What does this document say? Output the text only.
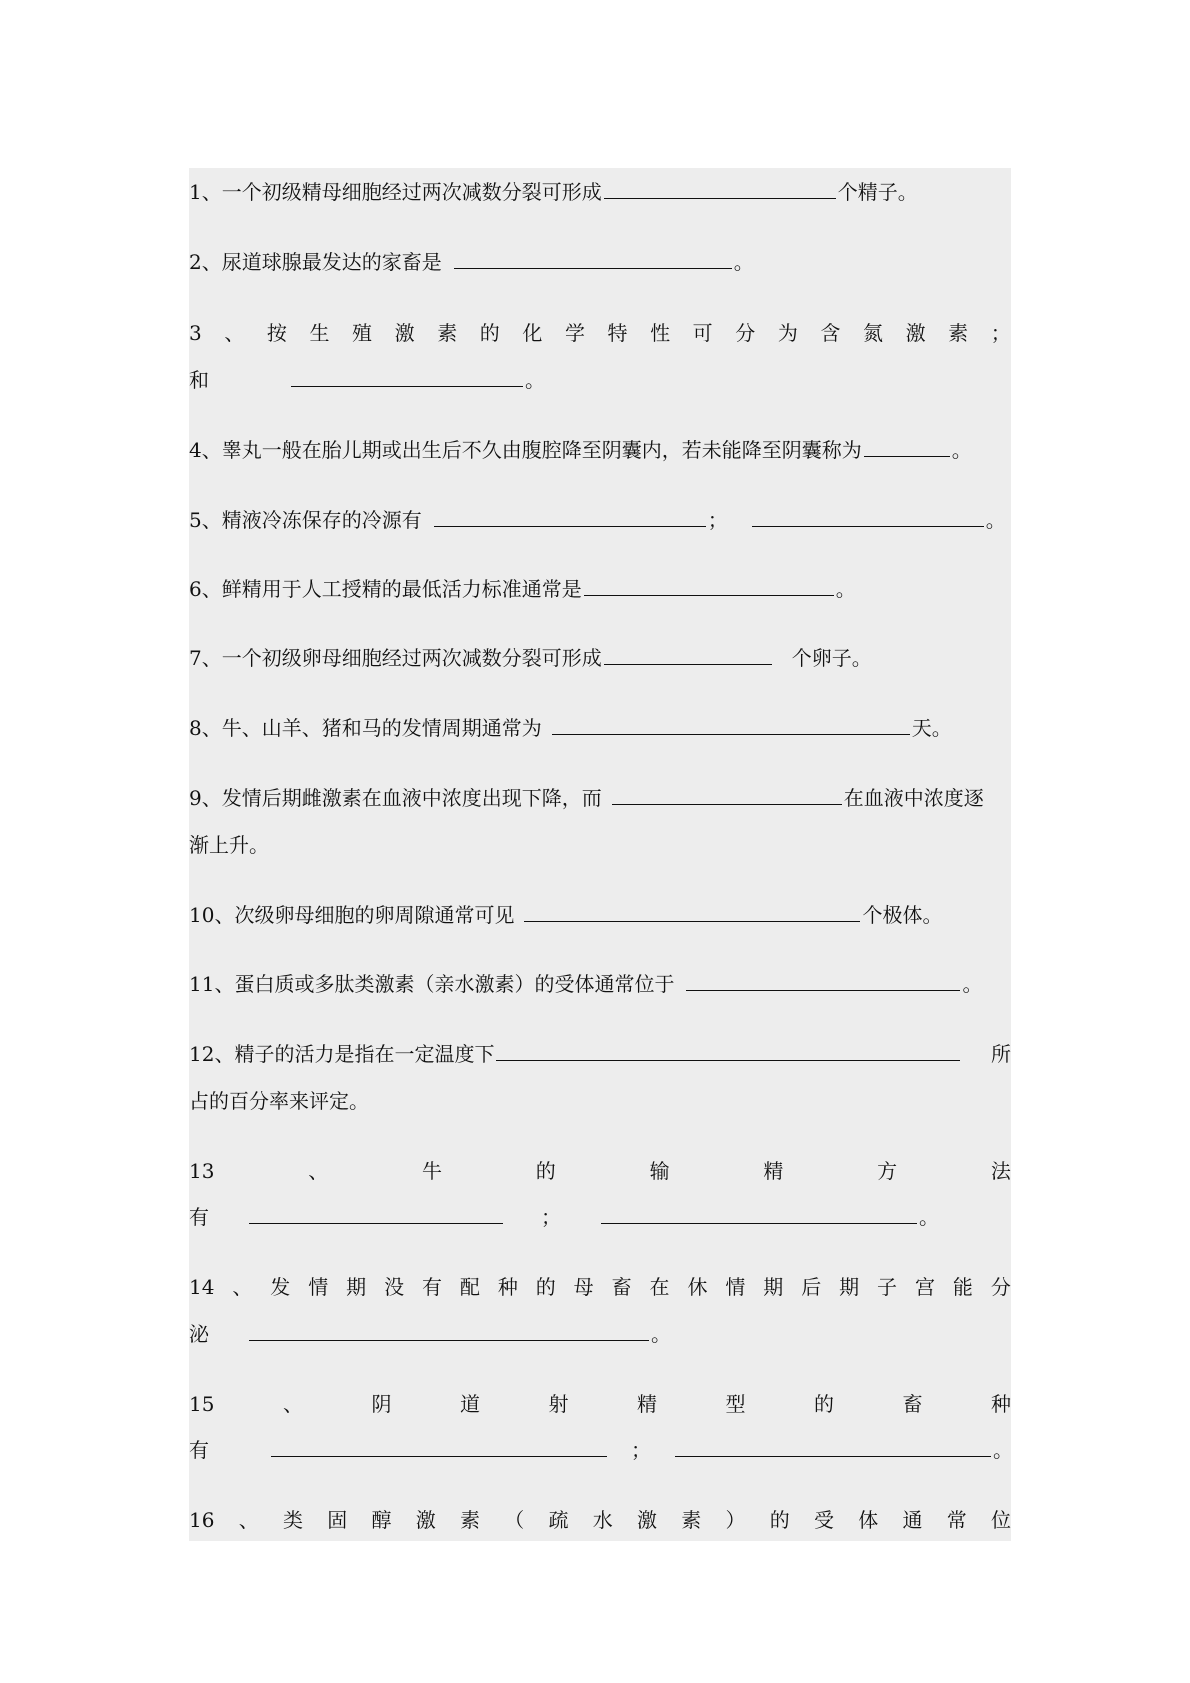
1、一个初级精母细胞经过两次减数分裂可形成	个精子。
2、尿道球腺最发达的家畜是	。
3 、 按 生 殖 激 素 的 化 学 特 性 可 分 为 含 氮 激 素 ；
和	。
4、睾丸一般在胎儿期或出生后不久由腹腔降至阴囊内，若未能降至阴囊称为	。
5、精液冷冻保存的冷源有	；	。
6、鲜精用于人工授精的最低活力标准通常是	。
7、一个初级卵母细胞经过两次减数分裂可形成	个卵子。
8、牛、山羊、猪和马的发情周期通常为	天。
9、发情后期雌激素在血液中浓度出现下降，而	在血液中浓度逐
渐上升。
10、次级卵母细胞的卵周隙通常可见	个极体。
11、蛋白质或多肽类激素（亲水激素）的受体通常位于	。
12、精子的活力是指在一定温度下	所
占的百分率来评定。
13	、	牛	的	输	精	方	法
有	；	。
14 、 发 情 期 没 有 配 种 的 母 畜 在 休 情 期 后 期 子 宫 能 分
泌	。
15	、	阴	道	射	精	型	的	畜	种
有	；	。
16 、 类 固 醇 激 素 （ 疏 水 激 素 ） 的 受 体 通 常 位
